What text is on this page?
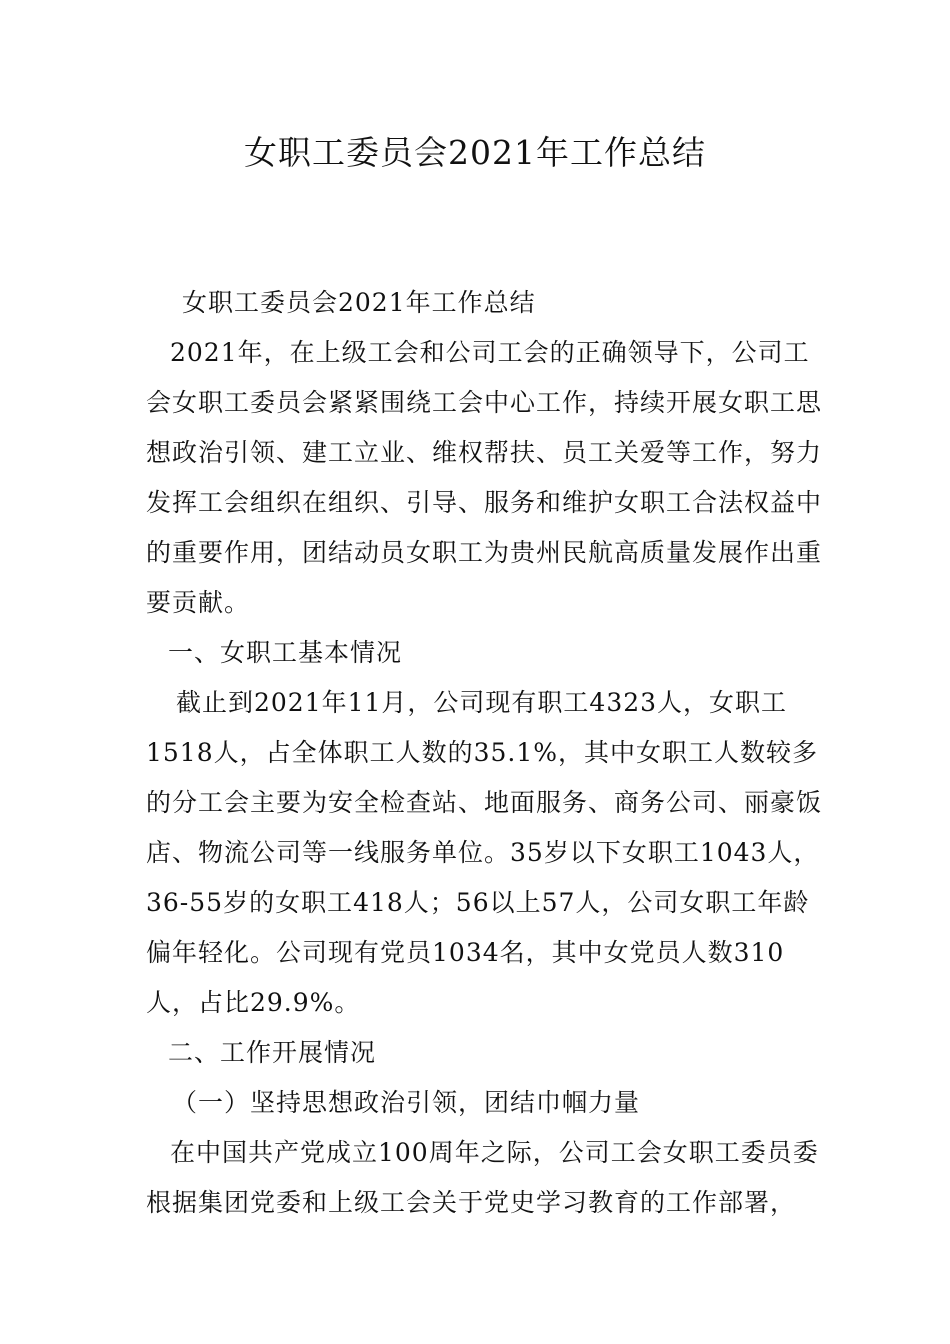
女职工委员会2021年工作总结

女职工委员会2021年工作总结

2021年，在上级工会和公司工会的正确领导下，公司工会女职工委员会紧紧围绕工会中心工作，持续开展女职工思想政治引领、建工立业、维权帮扶、员工关爱等工作，努力发挥工会组织在组织、引导、服务和维护女职工合法权益中的重要作用，团结动员女职工为贵州民航高质量发展作出重要贡献。

一、女职工基本情况

截止到2021年11月，公司现有职工4323人，女职工1518人，占全体职工人数的35.1%，其中女职工人数较多的分工会主要为安全检查站、地面服务、商务公司、丽豪饭店、物流公司等一线服务单位。35岁以下女职工1043人，36-55岁的女职工418人；56以上57人，公司女职工年龄偏年轻化。公司现有党员1034名，其中女党员人数310人，占比29.9%。

二、工作开展情况

（一）坚持思想政治引领，团结巾帼力量

在中国共产党成立100周年之际，公司工会女职工委员委根据集团党委和上级工会关于党史学习教育的工作部署，
